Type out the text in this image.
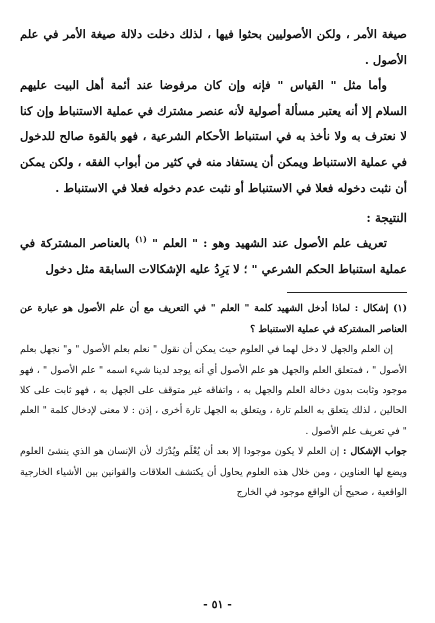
صيغة الأمر ، ولكن الأصوليين بحثوا فيها ، لذلك دخلت دلالة صيغة الأمر في علم الأصول .

وأما مثل " القياس " فإنه وإن كان مرفوضا عند أئمة أهل البيت عليهم السلام إلا أنه يعتبر مسألة أصولية لأنه عنصر مشترك في عملية الاستنباط وإن كنا لا نعترف به ولا نأخذ به في استنباط الأحكام الشرعية ، فهو بالقوة صالح للدخول في عملية الاستنباط ويمكن أن يستفاد منه في كثير من أبواب الفقه ، ولكن يمكن أن نثبت دخوله فعلا في الاستنباط أو نثبت عدم دخوله فعلا في الاستنباط .

النتيجة :

تعريف علم الأصول عند الشهيد وهو : " العلم " $^{(١)}$ بالعناصر المشتركة في عملية استنباط الحكم الشرعي " ؛ لا يَرِدُ عليه الإشكالات السابقة مثل دخول

(١) إشكال : لماذا أدخل الشهيد كلمة " العلم " في التعريف مع أن علم الأصول هو عبارة عن العناصر المشتركة في عملية الاستنباط ؟

إن العلم والجهل لا دخل لهما في العلوم حيث يمكن أن نقول " نعلم بعلم الأصول " و" نجهل بعلم الأصول " ، فمتعلق العلم والجهل هو علم الأصول أي أنه يوجد لدينا شيء اسمه " علم الأصول " ، فهو موجود وثابت بدون دخالة العلم والجهل به ، واتفاقه غير متوقف على الجهل به ، فهو ثابت على كلا الحالين ، لذلك يتعلق به العلم تارة ، ويتعلق به الجهل تارة أخرى ، إذن : لا معنى لإدخال كلمة " العلم " في تعريف علم الأصول .

جواب الإشكال : إن العلم لا يكون موجودا إلا بعد أن يُعْلَم ويُدْرَك لأن الإنسان هو الذي ينشئ العلوم ويضع لها العناوين ، ومن خلال هذه العلوم يحاول أن يكتشف العلاقات والقوانين بين الأشياء الخارجية الواقعية ، صحيح أن الواقع موجود في الخارج

- ٥١ -
